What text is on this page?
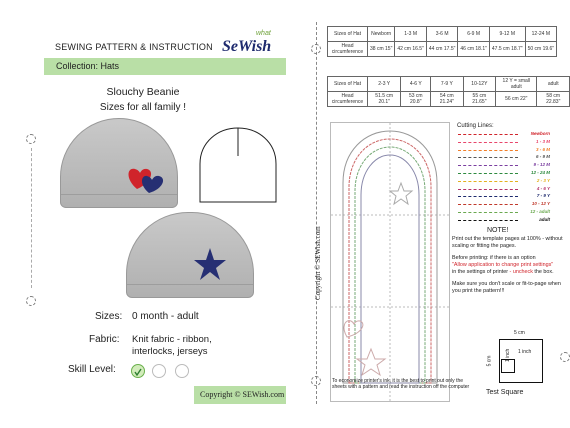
SEWING PATTERN & INSTRUCTION SeWish
what
Collection: Hats
Slouchy Beanie
Sizes for all family !
Sizes: 0 month - adult
Fabric: Knit fabric - ribbon, interlocks, jerseys
Skill Level:
Copyright © SEWish.com
Sizes of Hat	Newborn	1-3 M	3-6 M	6-9 M	9-12 M	12-24 M
Head circumference	38 cm 15"	42 cm 16.5"	44 cm 17.5"	46 cm 18.1"	47.5 cm 18.7"	50 cm 19.6"
Sizes of Hat	2-3 Y	4-6 Y	7-9 Y	10-12Y	12 Y = small adult	adult
Head circumference	51.5 cm 20.1"	53 cm 20.8"	54 cm 21.24"	55 cm 21.65"	56 cm 22"	58 cm 22.83"
Copyright © SEWish.com
To economize printer's ink, it is the best to print out only the sheets with a pattern and read the instruction off the computer
Cutting Lines:
Newborn
1 - 3 M
3 - 6 M
6 - 9 M
9 - 12 M
12 - 24 M
2 - 3 Y
4 - 6 Y
7 - 9 Y
10 - 12 Y
12 - adult
adult
NOTE!
Print out the template pages at 100% - without scaling or fitting the pages.
Before printing: if there is an option
"Allow application to change print settings"
in the settings of printer - uncheck the box.
Make sure you don't scale or fit-to-page when you print the pattern!!!
5 cm
5 cm
1 inch
1 inch
Test Square
